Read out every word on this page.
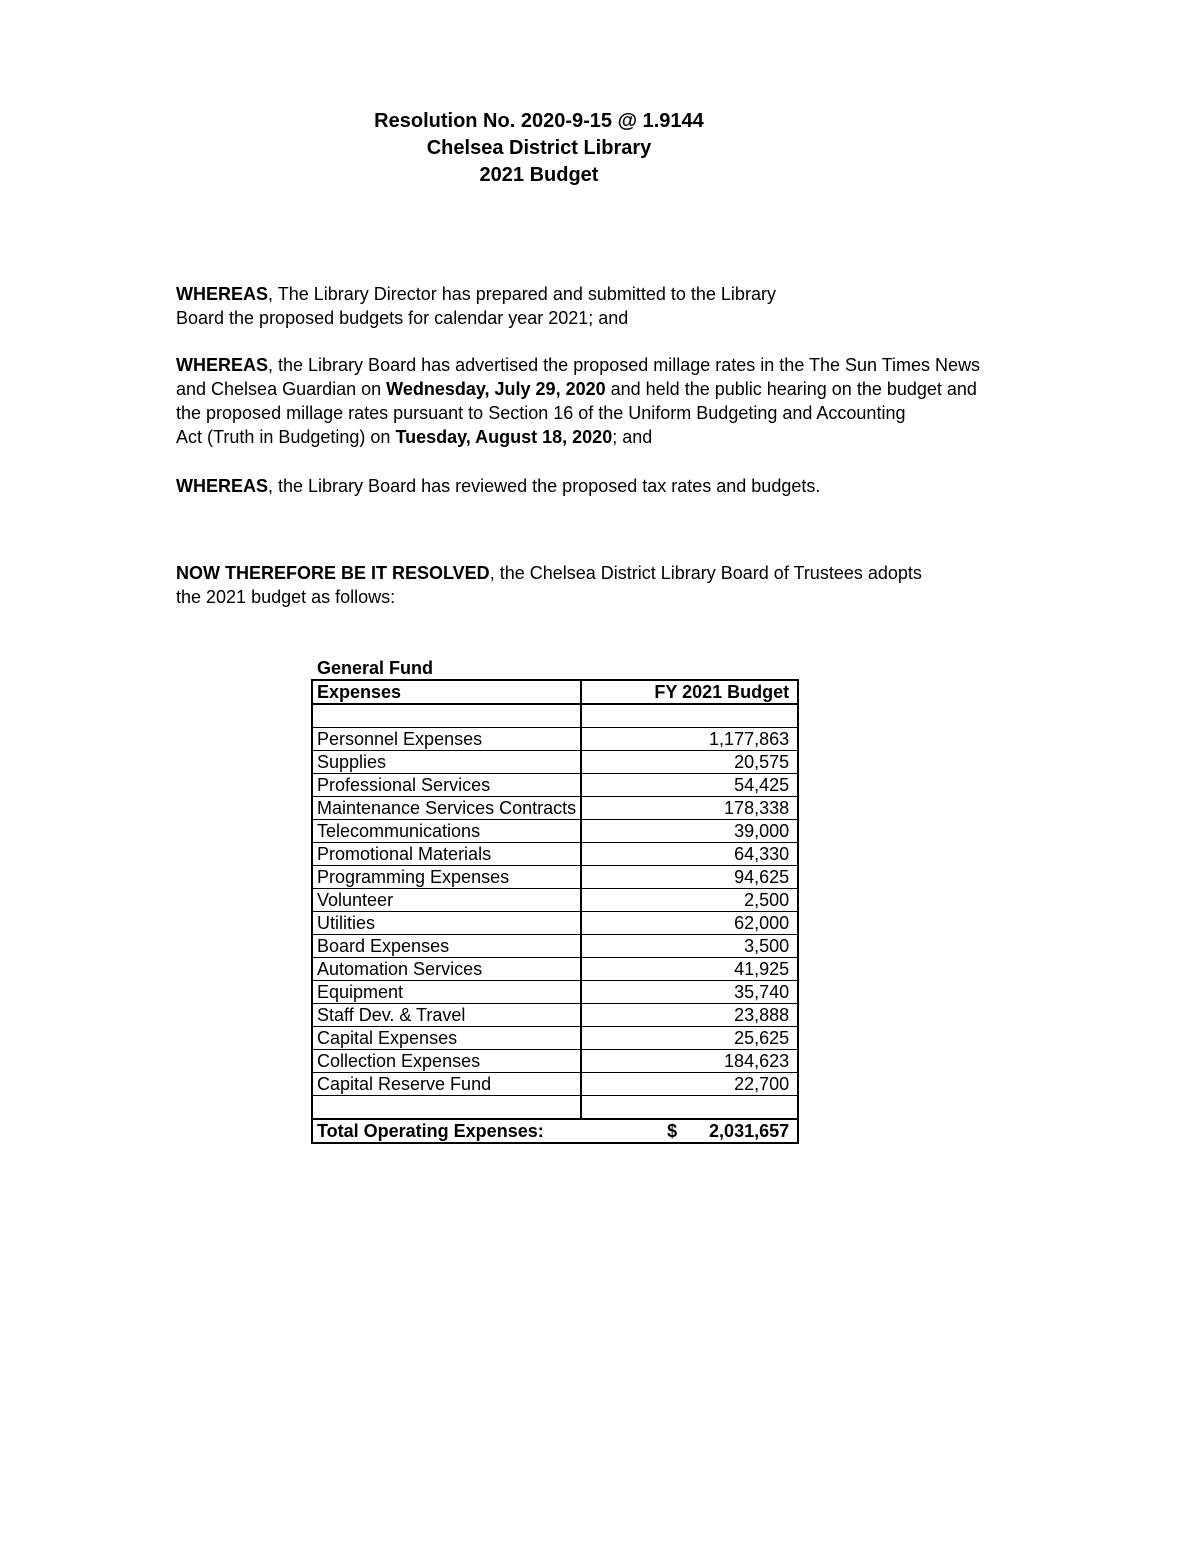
Resolution No. 2020-9-15 @ 1.9144
Chelsea District Library
2021 Budget
WHEREAS, The Library Director has prepared and submitted to the Library
Board the proposed budgets for calendar year 2021; and
WHEREAS, the Library Board has advertised the proposed millage rates in the The Sun Times News
and Chelsea Guardian on Wednesday, July 29, 2020 and held the public hearing on the budget and
the proposed millage rates pursuant to Section 16 of the Uniform Budgeting and Accounting
Act (Truth in Budgeting) on Tuesday, August 18, 2020; and
WHEREAS, the Library Board has reviewed the proposed tax rates and budgets.
NOW THEREFORE BE IT RESOLVED, the Chelsea District Library Board of Trustees adopts
the 2021 budget as follows:
General Fund
Expenses	FY 2021 Budget

Personnel Expenses	1,177,863
Supplies	20,575
Professional Services	54,425
Maintenance Services Contracts	178,338
Telecommunications	39,000
Promotional Materials	64,330
Programming Expenses	94,625
Volunteer	2,500
Utilities	62,000
Board Expenses	3,500
Automation Services	41,925
Equipment	35,740
Staff Dev. & Travel	23,888
Capital Expenses	25,625
Collection Expenses	184,623
Capital Reserve Fund	22,700

Total Operating Expenses:	$ 2,031,657
